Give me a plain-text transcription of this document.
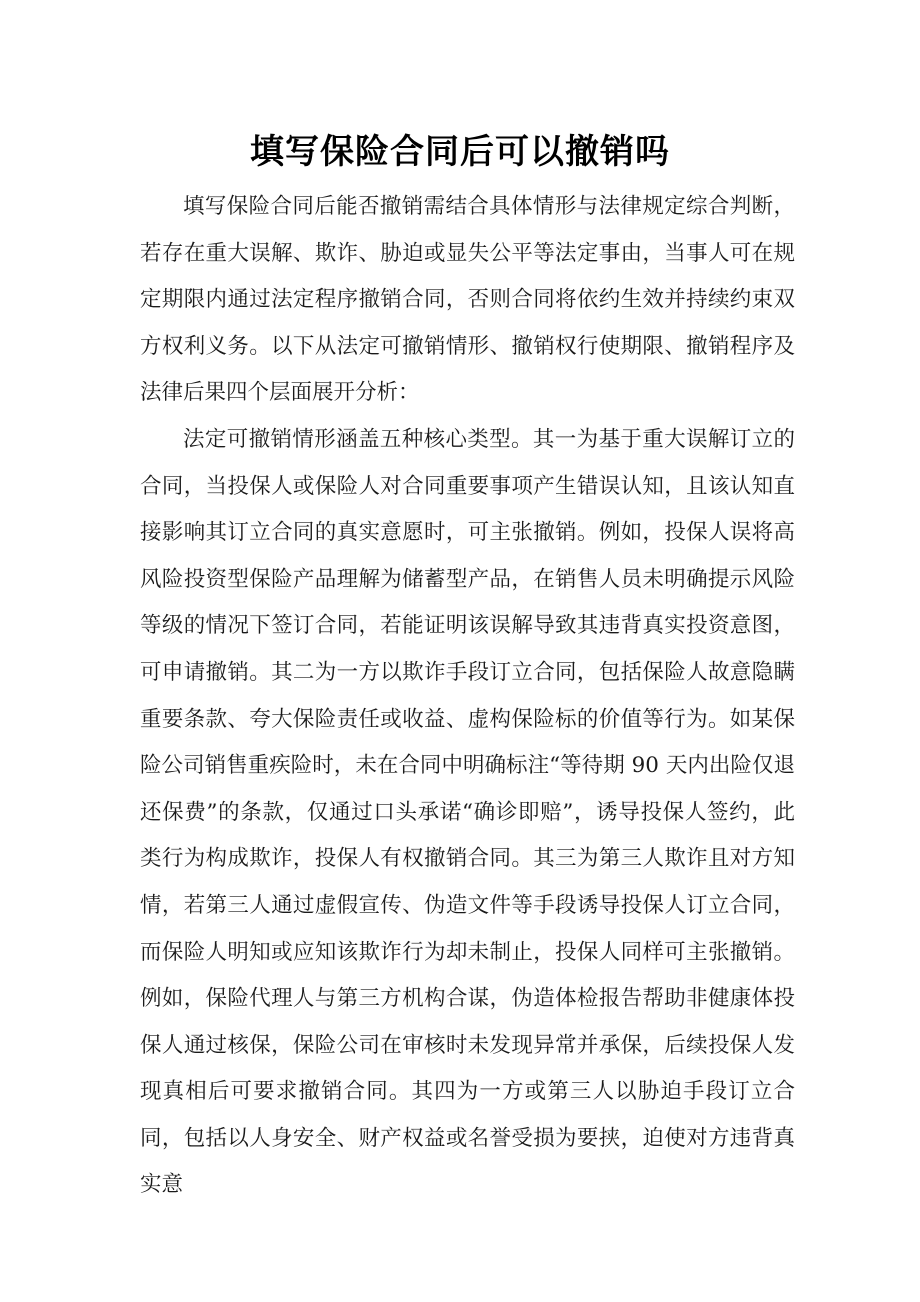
填写保险合同后可以撤销吗

填写保险合同后能否撤销需结合具体情形与法律规定综合判断，若存在重大误解、欺诈、胁迫或显失公平等法定事由，当事人可在规定期限内通过法定程序撤销合同，否则合同将依约生效并持续约束双方权利义务。以下从法定可撤销情形、撤销权行使期限、撤销程序及法律后果四个层面展开分析：

法定可撤销情形涵盖五种核心类型。其一为基于重大误解订立的合同，当投保人或保险人对合同重要事项产生错误认知，且该认知直接影响其订立合同的真实意愿时，可主张撤销。例如，投保人误将高风险投资型保险产品理解为储蓄型产品，在销售人员未明确提示风险等级的情况下签订合同，若能证明该误解导致其违背真实投资意图，可申请撤销。其二为一方以欺诈手段订立合同，包括保险人故意隐瞒重要条款、夸大保险责任或收益、虚构保险标的价值等行为。如某保险公司销售重疾险时，未在合同中明确标注“等待期 90 天内出险仅退还保费”的条款，仅通过口头承诺“确诊即赔”，诱导投保人签约，此类行为构成欺诈，投保人有权撤销合同。其三为第三人欺诈且对方知情，若第三人通过虚假宣传、伪造文件等手段诱导投保人订立合同，而保险人明知或应知该欺诈行为却未制止，投保人同样可主张撤销。例如，保险代理人与第三方机构合谋，伪造体检报告帮助非健康体投保人通过核保，保险公司在审核时未发现异常并承保，后续投保人发现真相后可要求撤销合同。其四为一方或第三人以胁迫手段订立合同，包括以人身安全、财产权益或名誉受损为要挟，迫使对方违背真实意
